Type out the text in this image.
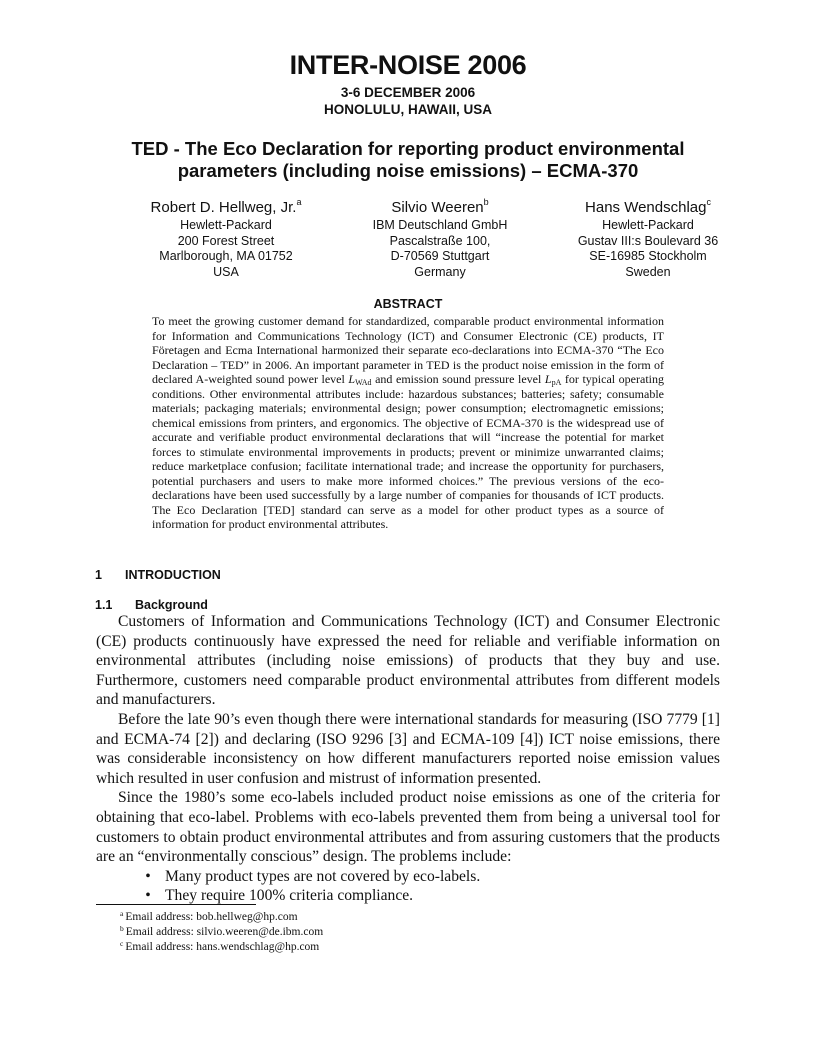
INTER-NOISE 2006
3-6 DECEMBER 2006
HONOLULU, HAWAII, USA
TED - The Eco Declaration for reporting product environmental
parameters (including noise emissions) – ECMA-370
Robert D. Hellweg, Jr.$^a$
Hewlett-Packard
200 Forest Street
Marlborough, MA 01752
USA
Silvio Weeren$^b$
IBM Deutschland GmbH
Pascalstraße 100,
D-70569 Stuttgart
Germany
Hans Wendschlag$^c$
Hewlett-Packard
Gustav III:s Boulevard 36
SE-16985 Stockholm
Sweden
ABSTRACT
To meet the growing customer demand for standardized, comparable product environmental information for Information and Communications Technology (ICT) and Consumer Electronic (CE) products, IT Företagen and Ecma International harmonized their separate eco-declarations into ECMA-370 “The Eco Declaration – TED” in 2006. An important parameter in TED is the product noise emission in the form of declared A-weighted sound power level $L_{WAd}$ and emission sound pressure level $L_{pA}$ for typical operating conditions. Other environmental attributes include: hazardous substances; batteries; safety; consumable materials; packaging materials; environmental design; power consumption; electromagnetic emissions; chemical emissions from printers, and ergonomics. The objective of ECMA-370 is the widespread use of accurate and verifiable product environmental declarations that will “increase the potential for market forces to stimulate environmental improvements in products; prevent or minimize unwarranted claims; reduce marketplace confusion; facilitate international trade; and increase the opportunity for purchasers, potential purchasers and users to make more informed choices.” The previous versions of the eco-declarations have been used successfully by a large number of companies for thousands of ICT products. The Eco Declaration [TED] standard can serve as a model for other product types as a source of information for product environmental attributes.
1 INTRODUCTION
1.1 Background

Customers of Information and Communications Technology (ICT) and Consumer Electronic (CE) products continuously have expressed the need for reliable and verifiable information on environmental attributes (including noise emissions) of products that they buy and use. Furthermore, customers need comparable product environmental attributes from different models and manufacturers.

Before the late 90’s even though there were international standards for measuring (ISO 7779 [1] and ECMA-74 [2]) and declaring (ISO 9296 [3] and ECMA-109 [4]) ICT noise emissions, there was considerable inconsistency on how different manufacturers reported noise emission values which resulted in user confusion and mistrust of information presented.

Since the 1980’s some eco-labels included product noise emissions as one of the criteria for obtaining that eco-label. Problems with eco-labels prevented them from being a universal tool for customers to obtain product environmental attributes and from assuring customers that the products are an “environmentally conscious” design. The problems include:

• Many product types are not covered by eco-labels.
• They require 100% criteria compliance.
$^a$ Email address: bob.hellweg@hp.com
$^b$ Email address: silvio.weeren@de.ibm.com
$^c$ Email address: hans.wendschlag@hp.com
